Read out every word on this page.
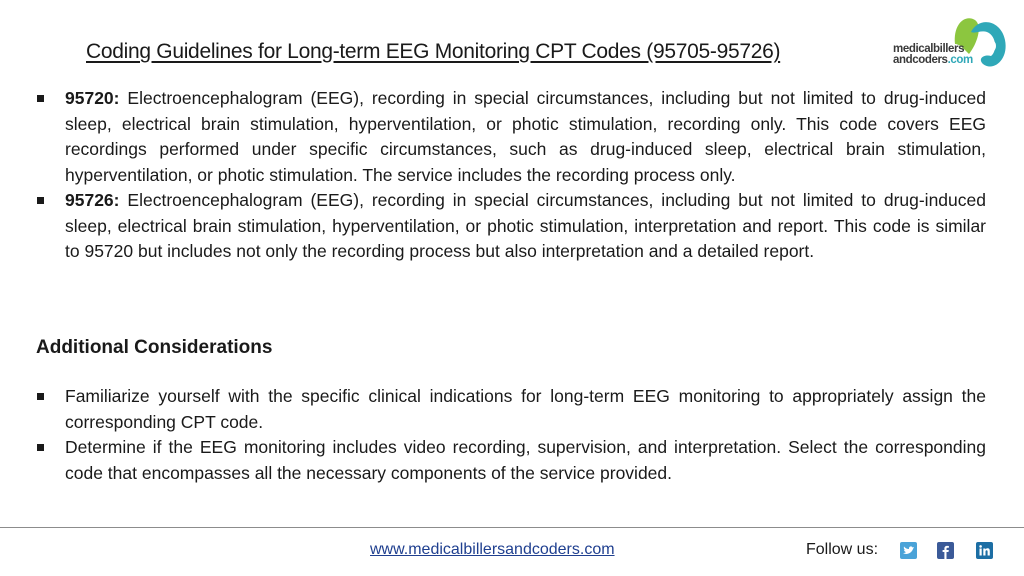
Coding Guidelines for Long-term EEG Monitoring CPT Codes (95705-95726)	medicalbillers
andcoders.com
95720: Electroencephalogram (EEG), recording in special circumstances, including but not limited to drug-induced sleep, electrical brain stimulation, hyperventilation, or photic stimulation, recording only. This code covers EEG recordings performed under specific circumstances, such as drug-induced sleep, electrical brain stimulation, hyperventilation, or photic stimulation. The service includes the recording process only.
95726: Electroencephalogram (EEG), recording in special circumstances, including but not limited to drug-induced sleep, electrical brain stimulation, hyperventilation, or photic stimulation, interpretation and report. This code is similar to 95720 but includes not only the recording process but also interpretation and a detailed report.
Additional Considerations
Familiarize yourself with the specific clinical indications for long-term EEG monitoring to appropriately assign the corresponding CPT code.
Determine if the EEG monitoring includes video recording, supervision, and interpretation. Select the corresponding code that encompasses all the necessary components of the service provided.
www.medicalbillersandcoders.com	Follow us:
